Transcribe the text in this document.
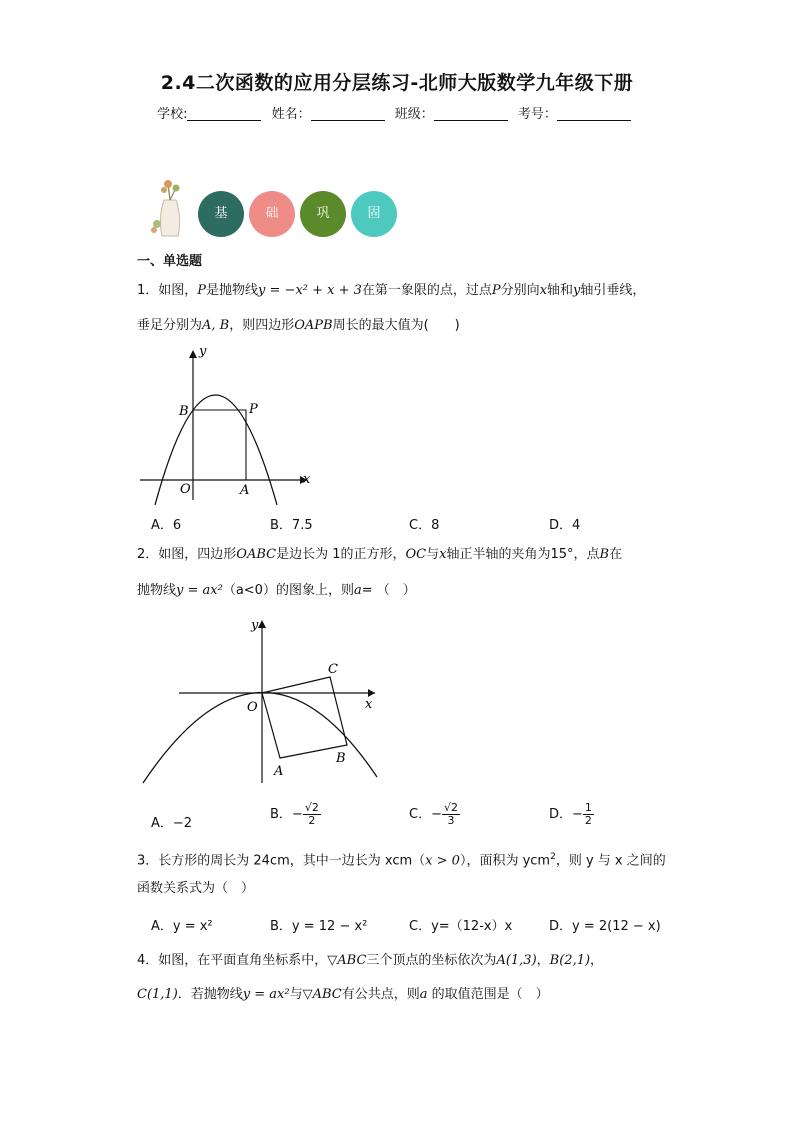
2.4二次函数的应用分层练习-北师大版数学九年级下册
学校:	姓名：	班级：	考号：
基	础	巩	固
一、单选题
1．如图，P是抛物线y = −x² + x + 3在第一象限的点，过点P分别向x轴和y轴引垂线，
垂足分别为A, B，则四边形OAPB周长的最大值为(　　)
y
x
O	A
B	P
A．6	B．7.5	C．8	D．4
2．如图，四边形OABC是边长为 1的正方形，OC与x轴正半轴的夹角为15°，点B在
抛物线y = ax²（a<0）的图象上，则a= （　）
y
x
O
A
B
C
A．−2
B．− $\frac{√2}{2}$	C．− $\frac{√2}{3}$	D．− $\frac{1}{2}$
3．长方形的周长为 24cm，其中一边长为 xcm（x > 0），面积为 ycm$^2$，则 y 与 x 之间的
函数关系式为（　）
A．y = x²	B．y = 12 − x²	C．y=（12-x）x	D．y = 2(12 − x)
4．如图，在平面直角坐标系中，▽ABC三个顶点的坐标依次为A(1,3)，B(2,1)，
C(1,1)．若抛物线y = ax²与▽ABC有公共点，则a 的取值范围是（　）
